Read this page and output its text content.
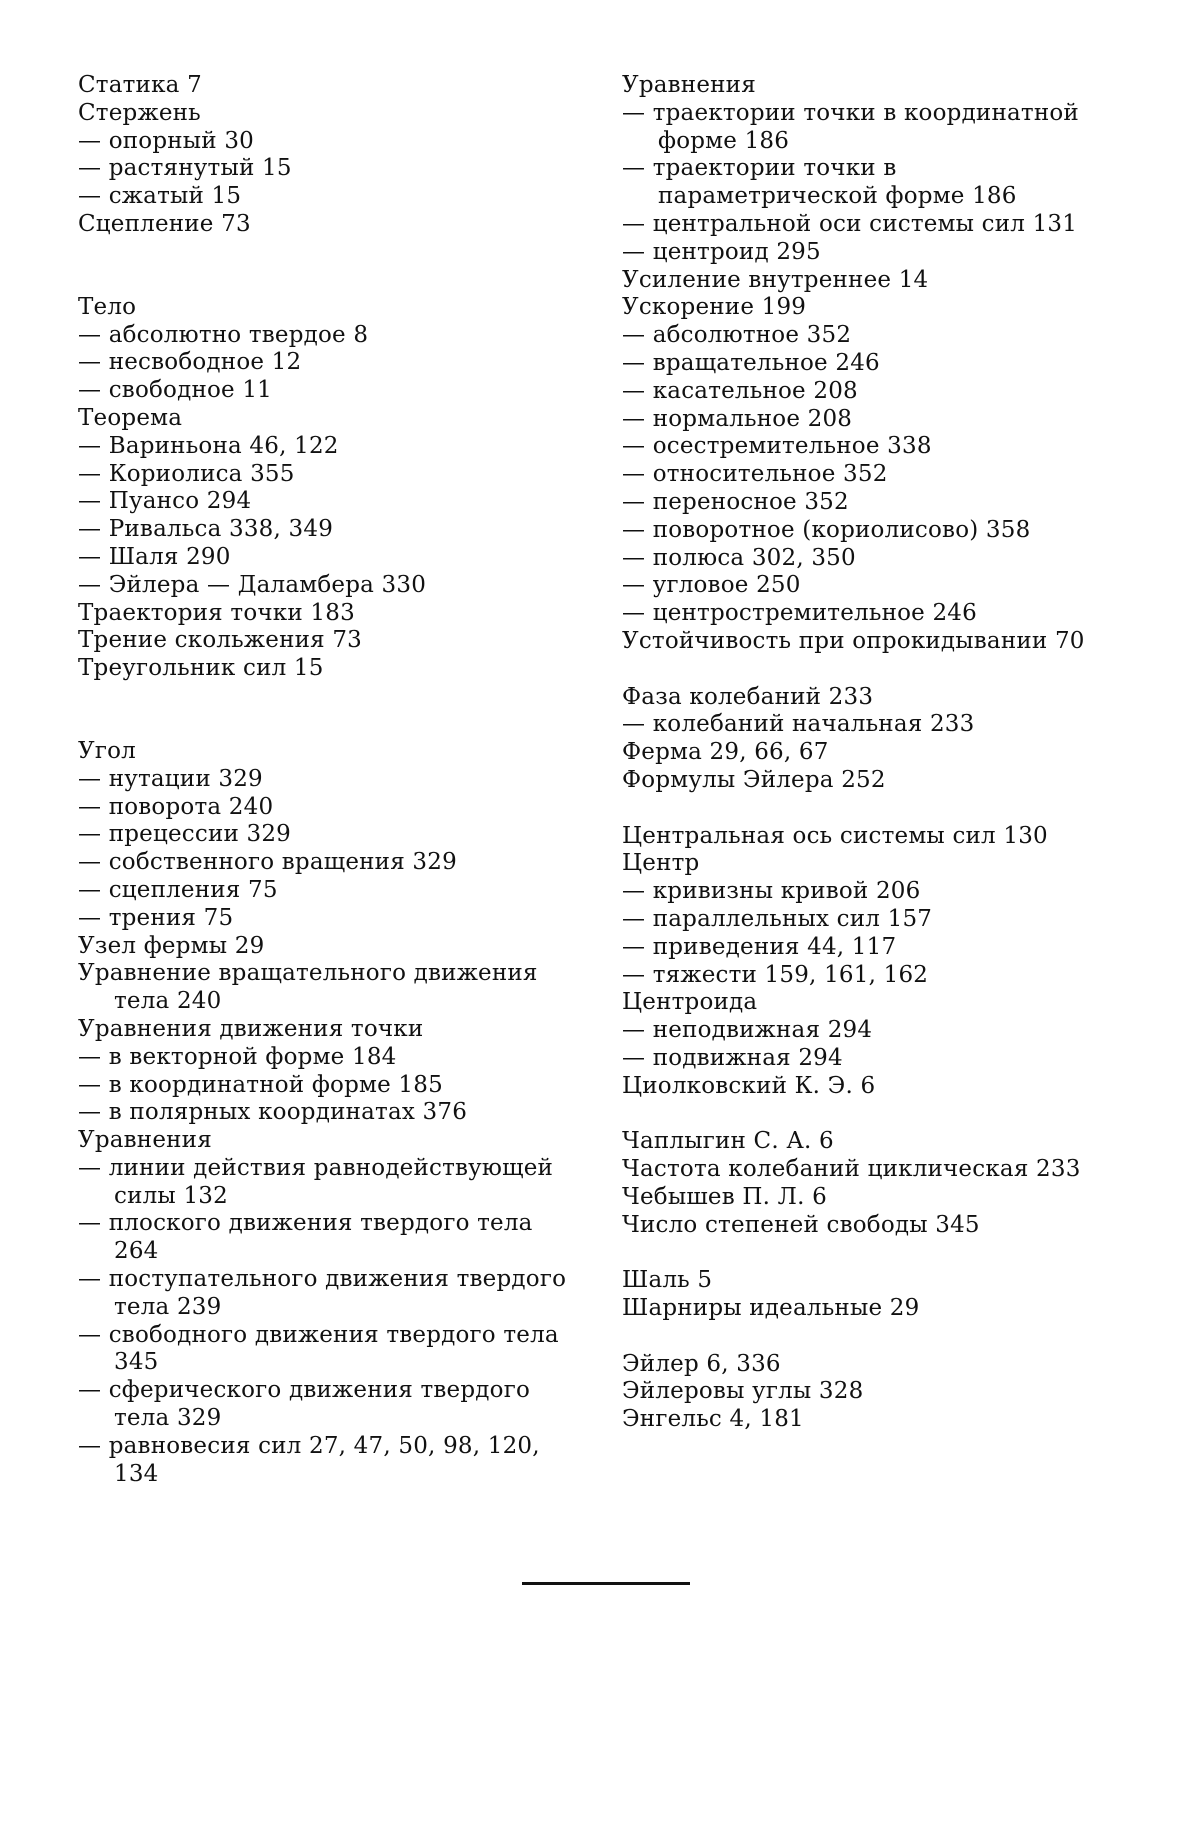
Статика 7

Стержень

— опорный 30

— растянутый 15

— сжатый 15

Сцепление 73

Тело

— абсолютно твердое 8

— несвободное 12

— свободное 11

Теорема

— Вариньона 46, 122

— Кориолиса 355

— Пуансо 294

— Ривальса 338, 349

— Шаля 290

— Эйлера — Даламбера 330

Траектория точки 183

Трение скольжения 73

Треугольник сил 15

Угол

— нутации 329

— поворота 240

— прецессии 329

— собственного вращения 329

— сцепления 75

— трения 75

Узел фермы 29

Уравнение вращательного движения тела 240

Уравнения движения точки

— в векторной форме 184

— в координатной форме 185

— в полярных координатах 376

Уравнения

— линии действия равнодействующей силы 132

— плоского движения твердого тела 264

— поступательного движения твердого тела 239

— свободного движения твердого тела 345

— сферического движения твердого тела 329

— равновесия сил 27, 47, 50, 98, 120, 134

Уравнения

— траектории точки в координатной форме 186

— траектории точки в параметрической форме 186

— центральной оси системы сил 131

— центроид 295

Усиление внутреннее 14

Ускорение 199

— абсолютное 352

— вращательное 246

— касательное 208

— нормальное 208

— осестремительное 338

— относительное 352

— переносное 352

— поворотное (кориолисово) 358

— полюса 302, 350

— угловое 250

— центростремительное 246

Устойчивость при опрокидывании 70

Фаза колебаний 233

— колебаний начальная 233

Ферма 29, 66, 67

Формулы Эйлера 252

Центральная ось системы сил 130

Центр

— кривизны кривой 206

— параллельных сил 157

— приведения 44, 117

— тяжести 159, 161, 162

Центроида

— неподвижная 294

— подвижная 294

Циолковский К. Э. 6

Чаплыгин С. А. 6

Частота колебаний циклическая 233

Чебышев П. Л. 6

Число степеней свободы 345

Шаль 5

Шарниры идеальные 29

Эйлер 6, 336

Эйлеровы углы 328

Энгельс 4, 181
